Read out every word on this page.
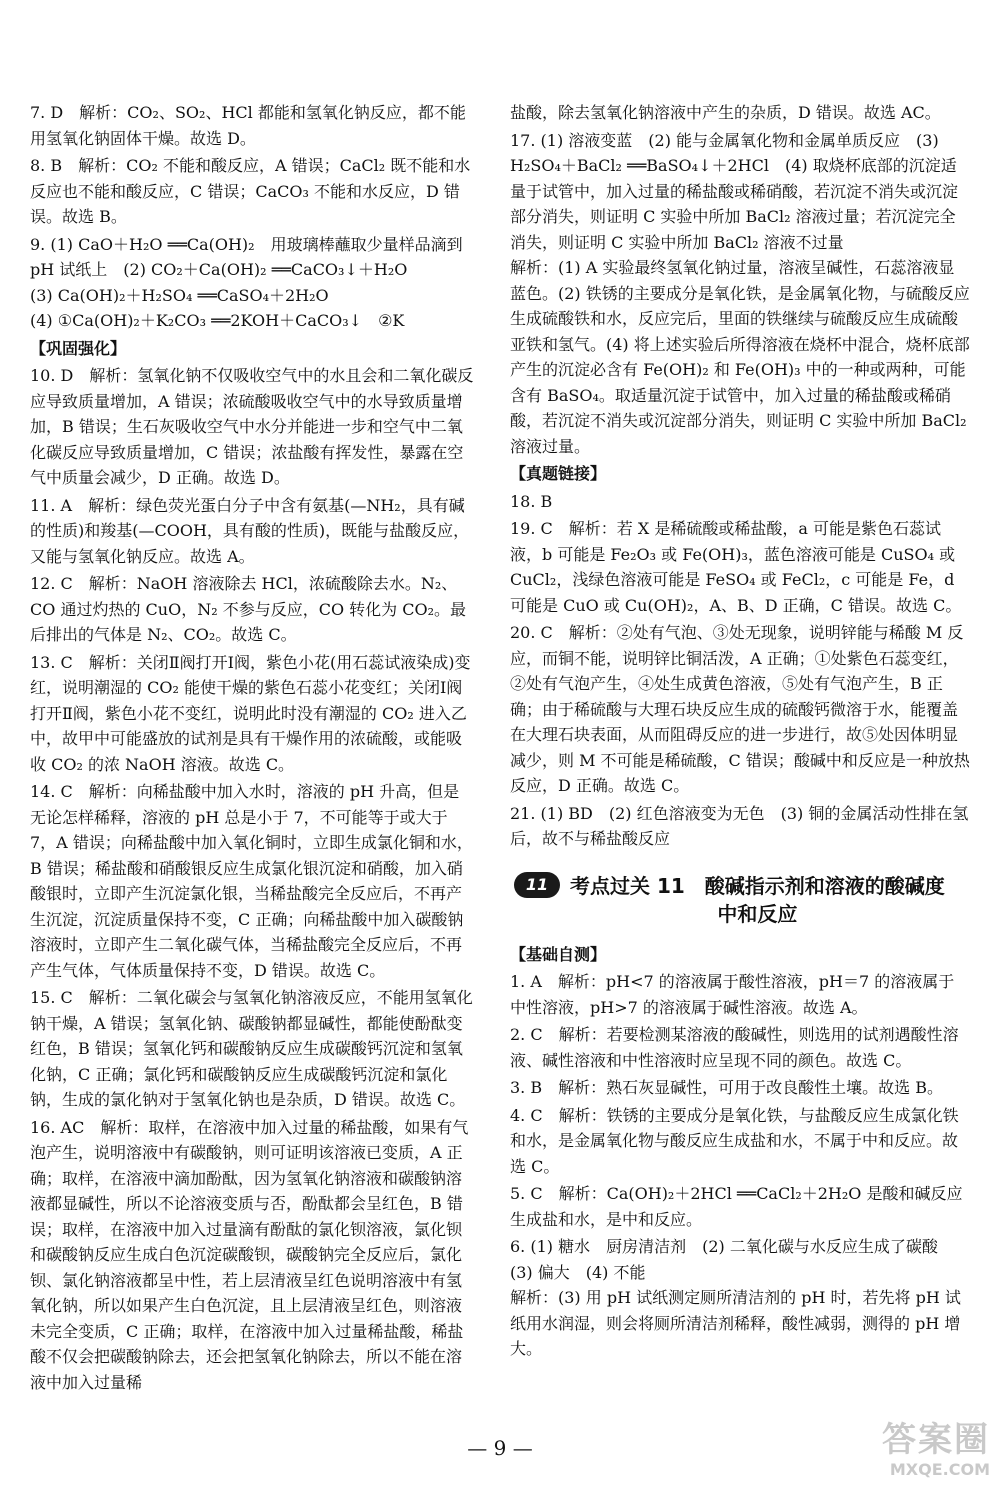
7. D　解析：CO₂、SO₂、HCl 都能和氢氧化钠反应，都不能用氢氧化钠固体干燥。故选 D。
8. B　解析：CO₂ 不能和酸反应，A 错误；CaCl₂ 既不能和水反应也不能和酸反应，C 错误；CaCO₃ 不能和水反应，D 错误。故选 B。

9. (1) CaO＋H₂O ══Ca(OH)₂　用玻璃棒蘸取少量样品滴到 pH 试纸上　(2) CO₂＋Ca(OH)₂ ══CaCO₃↓＋H₂O

(3) Ca(OH)₂＋H₂SO₄ ══CaSO₄＋2H₂O

(4) ①Ca(OH)₂＋K₂CO₃ ══2KOH＋CaCO₃↓　②K

【巩固强化】
10. D　解析：氢氧化钠不仅吸收空气中的水且会和二氧化碳反应导致质量增加，A 错误；浓硫酸吸收空气中的水导致质量增加，B 错误；生石灰吸收空气中水分并能进一步和空气中二氧化碳反应导致质量增加，C 错误；浓盐酸有挥发性，暴露在空气中质量会减少，D 正确。故选 D。
11. A　解析：绿色荧光蛋白分子中含有氨基(—NH₂，具有碱的性质)和羧基(—COOH，具有酸的性质)，既能与盐酸反应，又能与氢氧化钠反应。故选 A。
12. C　解析：NaOH 溶液除去 HCl，浓硫酸除去水。N₂、CO 通过灼热的 CuO，N₂ 不参与反应，CO 转化为 CO₂。最后排出的气体是 N₂、CO₂。故选 C。
13. C　解析：关闭Ⅱ阀打开Ⅰ阀，紫色小花(用石蕊试液染成)变红，说明潮湿的 CO₂ 能使干燥的紫色石蕊小花变红；关闭Ⅰ阀打开Ⅱ阀，紫色小花不变红，说明此时没有潮湿的 CO₂ 进入乙中，故甲中可能盛放的试剂是具有干燥作用的浓硫酸，或能吸收 CO₂ 的浓 NaOH 溶液。故选 C。
14. C　解析：向稀盐酸中加入水时，溶液的 pH 升高，但是无论怎样稀释，溶液的 pH 总是小于 7，不可能等于或大于 7，A 错误；向稀盐酸中加入氧化铜时，立即生成氯化铜和水，B 错误；稀盐酸和硝酸银反应生成氯化银沉淀和硝酸，加入硝酸银时，立即产生沉淀氯化银，当稀盐酸完全反应后，不再产生沉淀，沉淀质量保持不变，C 正确；向稀盐酸中加入碳酸钠溶液时，立即产生二氧化碳气体，当稀盐酸完全反应后，不再产生气体，气体质量保持不变，D 错误。故选 C。
15. C　解析：二氧化碳会与氢氧化钠溶液反应，不能用氢氧化钠干燥，A 错误；氢氧化钠、碳酸钠都显碱性，都能使酚酞变红色，B 错误；氢氧化钙和碳酸钠反应生成碳酸钙沉淀和氢氧化钠，C 正确；氯化钙和碳酸钠反应生成碳酸钙沉淀和氯化钠，生成的氯化钠对于氢氧化钠也是杂质，D 错误。故选 C。
16. AC　解析：取样，在溶液中加入过量的稀盐酸，如果有气泡产生，说明溶液中有碳酸钠，则可证明该溶液已变质，A 正确；取样，在溶液中滴加酚酞，因为氢氧化钠溶液和碳酸钠溶液都显碱性，所以不论溶液变质与否，酚酞都会呈红色，B 错误；取样，在溶液中加入过量滴有酚酞的氯化钡溶液，氯化钡和碳酸钠反应生成白色沉淀碳酸钡，碳酸钠完全反应后，氯化钡、氯化钠溶液都呈中性，若上层清液呈红色说明溶液中有氢氧化钠，所以如果产生白色沉淀，且上层清液呈红色，则溶液未完全变质，C 正确；取样，在溶液中加入过量稀盐酸，稀盐酸不仅会把碳酸钠除去，还会把氢氧化钠除去，所以不能在溶液中加入过量稀
盐酸，除去氢氧化钠溶液中产生的杂质，D 错误。故选 AC。

17. (1) 溶液变蓝　(2) 能与金属氧化物和金属单质反应　(3) H₂SO₄＋BaCl₂ ══BaSO₄↓＋2HCl　(4) 取烧杯底部的沉淀适量于试管中，加入过量的稀盐酸或稀硝酸，若沉淀不消失或沉淀部分消失，则证明 C 实验中所加 BaCl₂ 溶液过量；若沉淀完全消失，则证明 C 实验中所加 BaCl₂ 溶液不过量

解析：(1) A 实验最终氢氧化钠过量，溶液呈碱性，石蕊溶液显蓝色。(2) 铁锈的主要成分是氧化铁，是金属氧化物，与硫酸反应生成硫酸铁和水，反应完后，里面的铁继续与硫酸反应生成硫酸亚铁和氢气。(4) 将上述实验后所得溶液在烧杯中混合，烧杯底部产生的沉淀必含有 Fe(OH)₂ 和 Fe(OH)₃ 中的一种或两种，可能含有 BaSO₄。取适量沉淀于试管中，加入过量的稀盐酸或稀硝酸，若沉淀不消失或沉淀部分消失，则证明 C 实验中所加 BaCl₂ 溶液过量。

【真题链接】
18. B
19. C　解析：若 X 是稀硫酸或稀盐酸，a 可能是紫色石蕊试液，b 可能是 Fe₂O₃ 或 Fe(OH)₃，蓝色溶液可能是 CuSO₄ 或 CuCl₂，浅绿色溶液可能是 FeSO₄ 或 FeCl₂，c 可能是 Fe，d 可能是 CuO 或 Cu(OH)₂，A、B、D 正确，C 错误。故选 C。
20. C　解析：②处有气泡、③处无现象，说明锌能与稀酸 M 反应，而铜不能，说明锌比铜活泼，A 正确；①处紫色石蕊变红，②处有气泡产生，④处生成黄色溶液，⑤处有气泡产生，B 正确；由于稀硫酸与大理石块反应生成的硫酸钙微溶于水，能覆盖在大理石块表面，从而阻碍反应的进一步进行，故⑤处因体明显减少，则 M 不可能是稀硫酸，C 错误；酸碱中和反应是一种放热反应，D 正确。故选 C。
21. (1) BD　(2) 红色溶液变为无色　(3) 铜的金属活动性排在氢后，故不与稀盐酸反应
11	考点过关 11　酸碱指示剂和溶液的酸碱度
中和反应
【基础自测】
1. A　解析：pH<7 的溶液属于酸性溶液，pH＝7 的溶液属于中性溶液，pH>7 的溶液属于碱性溶液。故选 A。
2. C　解析：若要检测某溶液的酸碱性，则选用的试剂遇酸性溶液、碱性溶液和中性溶液时应呈现不同的颜色。故选 C。
3. B　解析：熟石灰显碱性，可用于改良酸性土壤。故选 B。
4. C　解析：铁锈的主要成分是氧化铁，与盐酸反应生成氯化铁和水，是金属氧化物与酸反应生成盐和水，不属于中和反应。故选 C。
5. C　解析：Ca(OH)₂＋2HCl ══CaCl₂＋2H₂O 是酸和碱反应生成盐和水，是中和反应。

6. (1) 糖水　厨房清洁剂　(2) 二氧化碳与水反应生成了碳酸　(3) 偏大　(4) 不能

解析：(3) 用 pH 试纸测定厕所清洁剂的 pH 时，若先将 pH 试纸用水润湿，则会将厕所清洁剂稀释，酸性减弱，测得的 pH 增大。

— 9 —	答案圈
MXQE.COM
